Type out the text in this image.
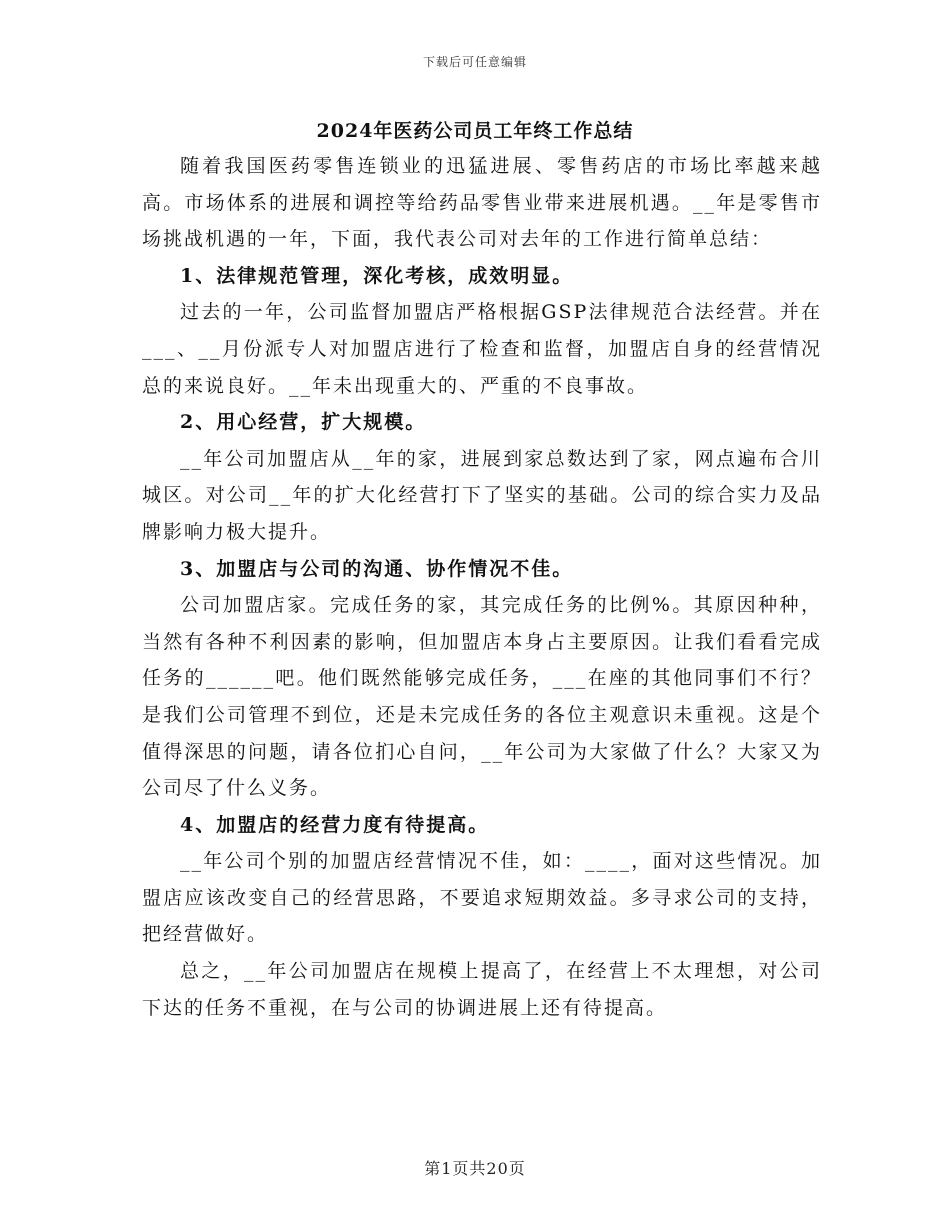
下载后可任意编辑
2024年医药公司员工年终工作总结

随着我国医药零售连锁业的迅猛进展、零售药店的市场比率越来越高。市场体系的进展和调控等给药品零售业带来进展机遇。__年是零售市场挑战机遇的一年，下面，我代表公司对去年的工作进行简单总结：

1、法律规范管理，深化考核，成效明显。

过去的一年，公司监督加盟店严格根据GSP法律规范合法经营。并在___、__月份派专人对加盟店进行了检查和监督，加盟店自身的经营情况总的来说良好。__年未出现重大的、严重的不良事故。

2、用心经营，扩大规模。

__年公司加盟店从__年的家，进展到家总数达到了家，网点遍布合川城区。对公司__年的扩大化经营打下了坚实的基础。公司的综合实力及品牌影响力极大提升。

3、加盟店与公司的沟通、协作情况不佳。

公司加盟店家。完成任务的家，其完成任务的比例%。其原因种种，当然有各种不利因素的影响，但加盟店本身占主要原因。让我们看看完成任务的______吧。他们既然能够完成任务，___在座的其他同事们不行？是我们公司管理不到位，还是未完成任务的各位主观意识未重视。这是个值得深思的问题，请各位扪心自问，__年公司为大家做了什么？大家又为公司尽了什么义务。

4、加盟店的经营力度有待提高。

__年公司个别的加盟店经营情况不佳，如：____，面对这些情况。加盟店应该改变自己的经营思路，不要追求短期效益。多寻求公司的支持，把经营做好。

总之，__年公司加盟店在规模上提高了，在经营上不太理想，对公司下达的任务不重视，在与公司的协调进展上还有待提高。

第1页共20页
